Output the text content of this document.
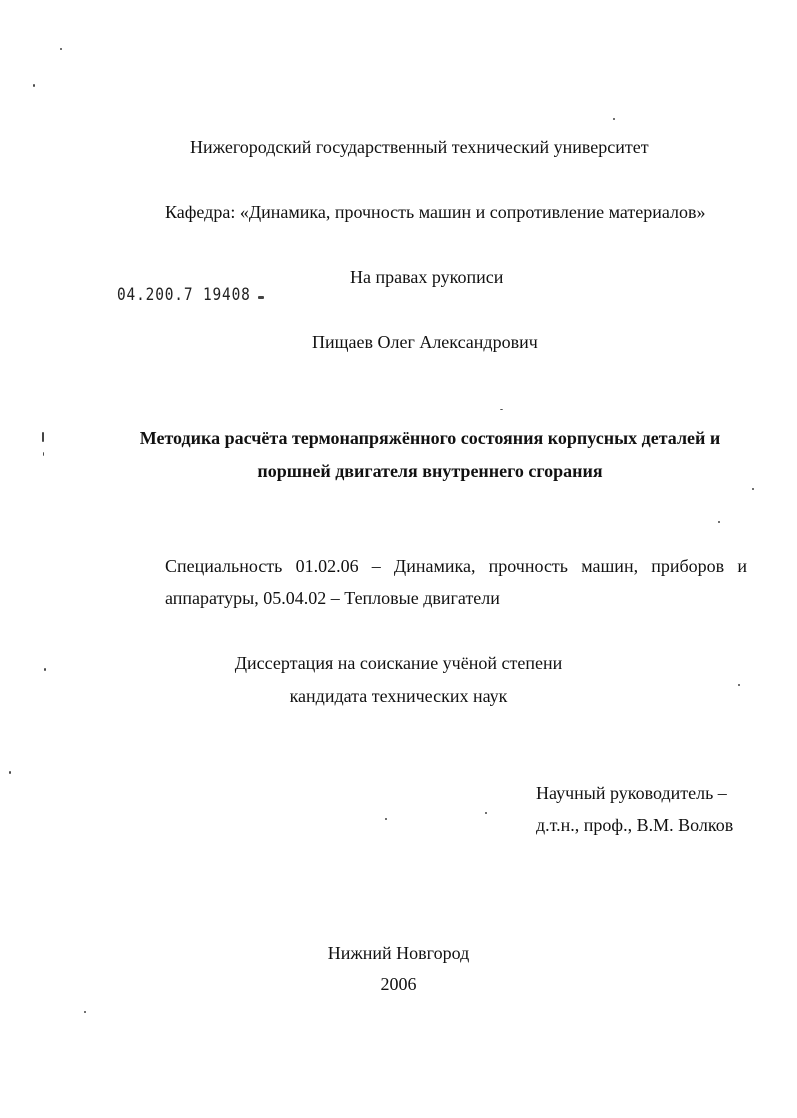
Нижегородский государственный технический университет
Кафедра: «Динамика, прочность машин и сопротивление материалов»
На правах рукописи
04.200.7 19408
Пищаев Олег Александрович
Методика расчёта термонапряжённого состояния корпусных деталей и
поршней двигателя внутреннего сгорания
Специальность 01.02.06 – Динамика, прочность машин, приборов и аппаратуры, 05.04.02 – Тепловые двигатели
Диссертация на соискание учёной степени
кандидата технических наук
Научный руководитель –
д.т.н., проф., В.М. Волков
Нижний Новгород
2006
